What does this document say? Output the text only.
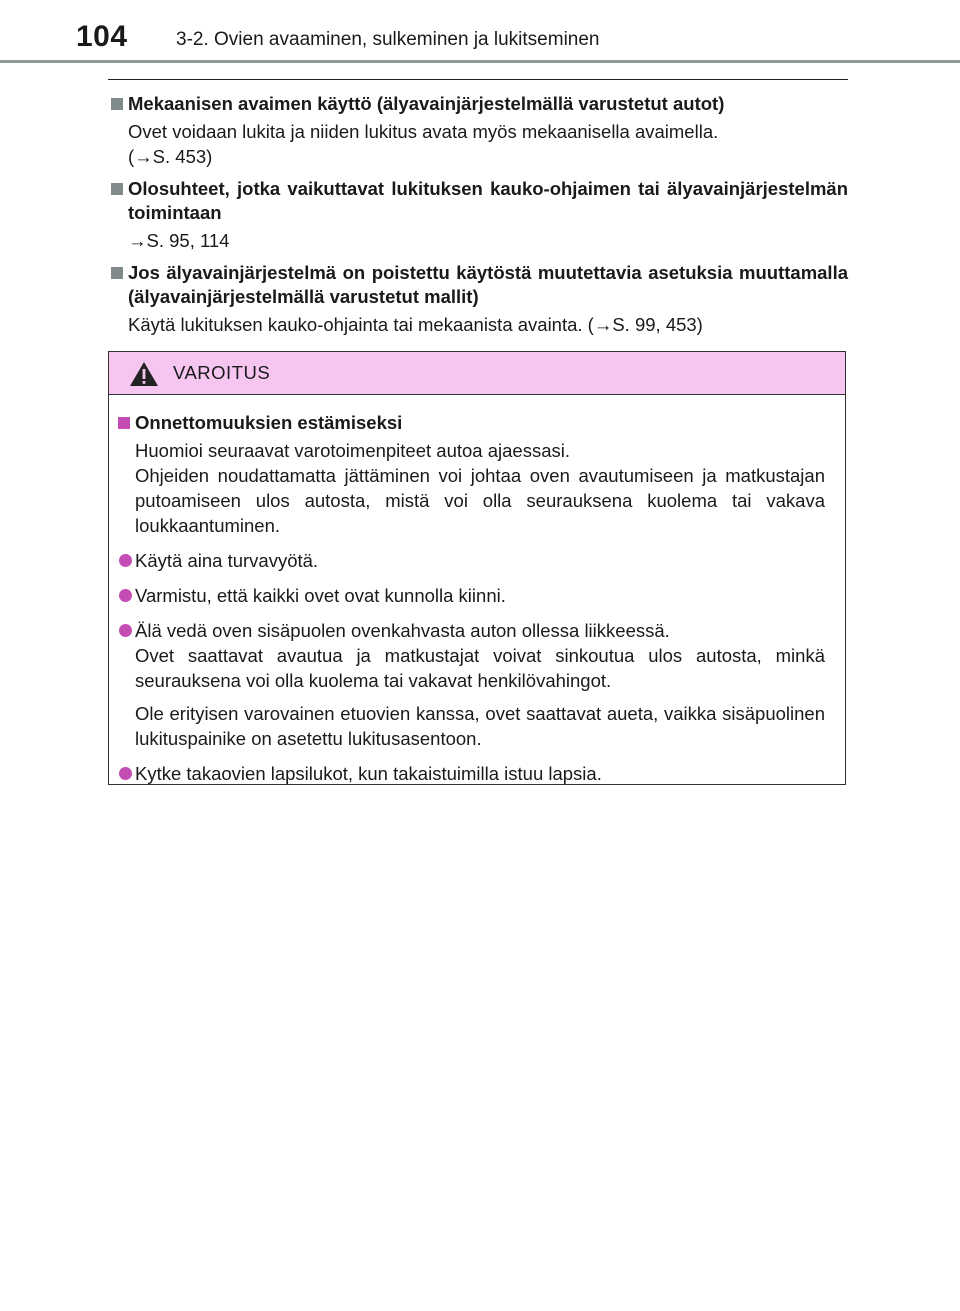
104	3-2. Ovien avaaminen, sulkeminen ja lukitseminen
Mekaanisen avaimen käyttö (älyavainjärjestelmällä varustetut autot)

Ovet voidaan lukita ja niiden lukitus avata myös mekaanisella avaimella.

(→S. 453)

Olosuhteet, jotka vaikuttavat lukituksen kauko-ohjaimen tai älyavainjärjestelmän toimintaan

→S. 95, 114

Jos älyavainjärjestelmä on poistettu käytöstä muutettavia asetuksia muuttamalla (älyavainjärjestelmällä varustetut mallit)

Käytä lukituksen kauko-ohjainta tai mekaanista avainta. (→S. 99, 453)

VAROITUS
Onnettomuuksien estämiseksi

Huomioi seuraavat varotoimenpiteet autoa ajaessasi.

Ohjeiden noudattamatta jättäminen voi johtaa oven avautumiseen ja matkustajan putoamiseen ulos autosta, mistä voi olla seurauksena kuolema tai vakava loukkaantuminen.

Käytä aina turvavyötä.
Varmistu, että kaikki ovet ovat kunnolla kiinni.

Älä vedä oven sisäpuolen ovenkahvasta auton ollessa liikkeessä.

Ovet saattavat avautua ja matkustajat voivat sinkoutua ulos autosta, minkä seurauksena voi olla kuolema tai vakavat henkilövahingot.

Ole erityisen varovainen etuovien kanssa, ovet saattavat aueta, vaikka sisäpuolinen lukituspainike on asetettu lukitusasentoon.
Kytke takaovien lapsilukot, kun takaistuimilla istuu lapsia.
